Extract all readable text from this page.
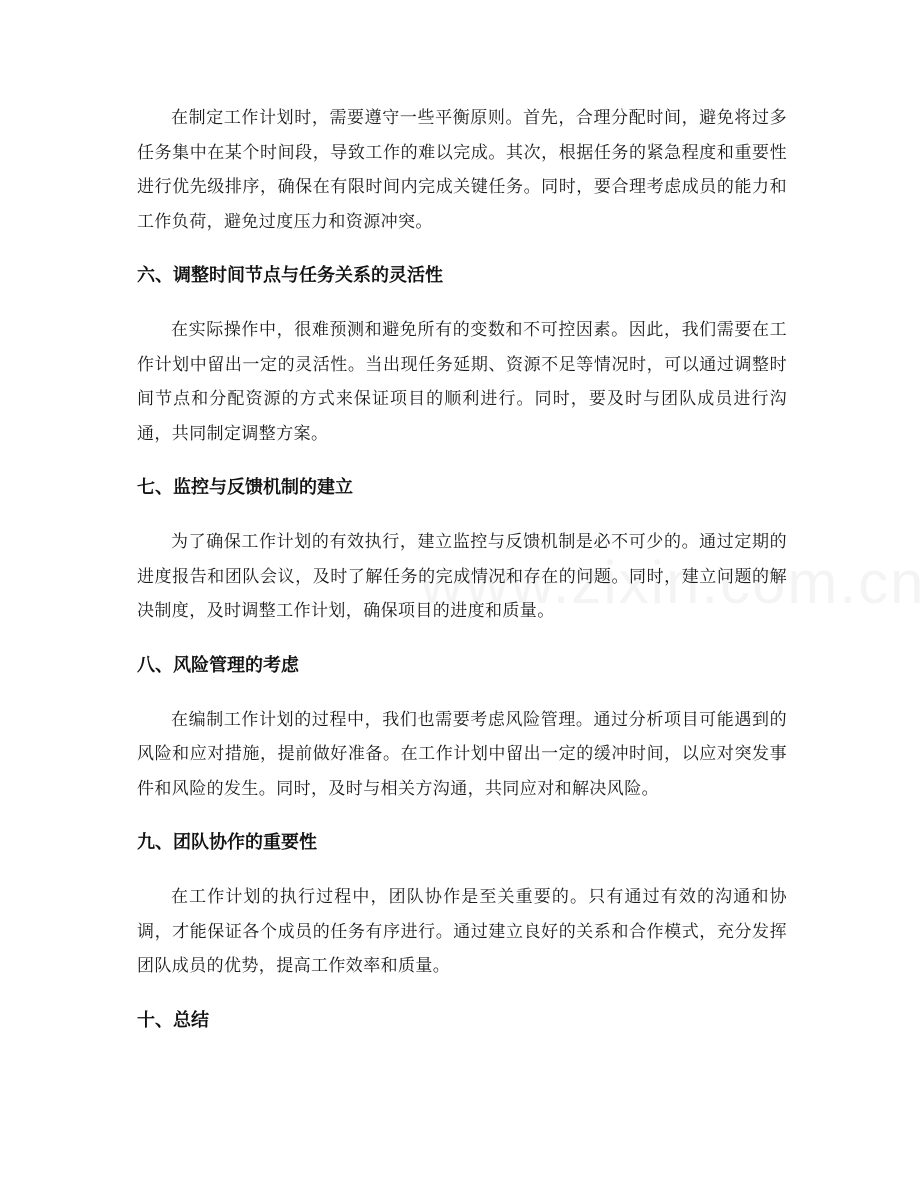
在制定工作计划时，需要遵守一些平衡原则。首先，合理分配时间，避免将过多任务集中在某个时间段，导致工作的难以完成。其次，根据任务的紧急程度和重要性进行优先级排序，确保在有限时间内完成关键任务。同时，要合理考虑成员的能力和工作负荷，避免过度压力和资源冲突。

六、调整时间节点与任务关系的灵活性

在实际操作中，很难预测和避免所有的变数和不可控因素。因此，我们需要在工作计划中留出一定的灵活性。当出现任务延期、资源不足等情况时，可以通过调整时间节点和分配资源的方式来保证项目的顺利进行。同时，要及时与团队成员进行沟通，共同制定调整方案。

七、监控与反馈机制的建立

为了确保工作计划的有效执行，建立监控与反馈机制是必不可少的。通过定期的进度报告和团队会议，及时了解任务的完成情况和存在的问题。同时，建立问题的解决制度，及时调整工作计划，确保项目的进度和质量。

八、风险管理的考虑

在编制工作计划的过程中，我们也需要考虑风险管理。通过分析项目可能遇到的风险和应对措施，提前做好准备。在工作计划中留出一定的缓冲时间，以应对突发事件和风险的发生。同时，及时与相关方沟通，共同应对和解决风险。

九、团队协作的重要性

在工作计划的执行过程中，团队协作是至关重要的。只有通过有效的沟通和协调，才能保证各个成员的任务有序进行。通过建立良好的关系和合作模式，充分发挥团队成员的优势，提高工作效率和质量。

十、总结
